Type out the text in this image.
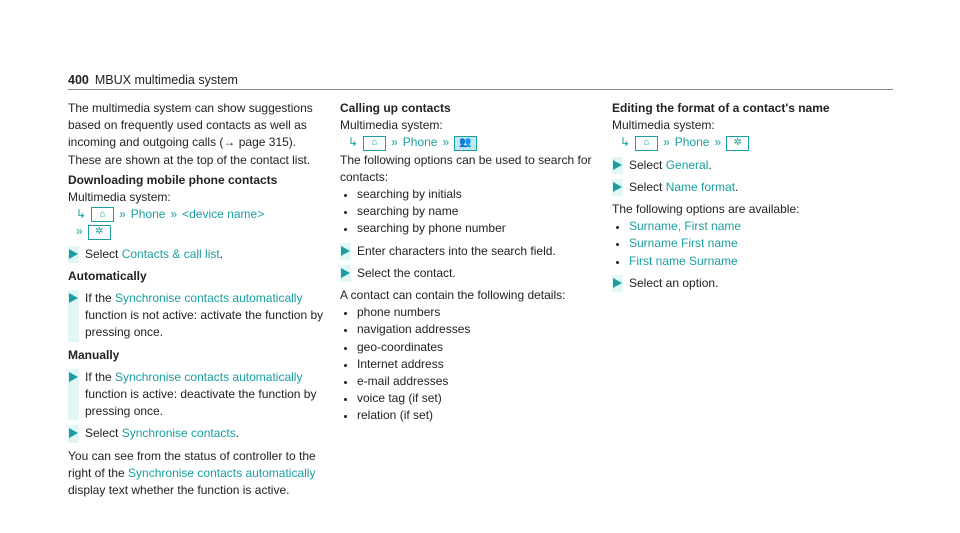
400 MBUX multimedia system

The multimedia system can show suggestions based on frequently used contacts as well as incoming and outgoing calls (→ page 315). These are shown at the top of the contact list.

Downloading mobile phone contacts

Multimedia system:

↳	⌂	» Phone » <device name>
»	✲
Select Contacts & call list.

Automatically

If the Synchronise contacts automatically function is not active: activate the function by pressing once.

Manually

If the Synchronise contacts automatically function is active: deactivate the function by pressing once.
Select Synchronise contacts.

You can see from the status of controller to the right of the Synchronise contacts automatically display text whether the function is active.

Calling up contacts

Multimedia system:

↳	⌂	» Phone »	👥

The following options can be used to search for contacts:

searching by initials
searching by name
searching by phone number
Enter characters into the search field.
Select the contact.

A contact can contain the following details:

phone numbers
navigation addresses
geo-coordinates
Internet address
e-mail addresses
voice tag (if set)
relation (if set)

Editing the format of a contact's name

Multimedia system:

↳	⌂	» Phone »	✲
Select General.
Select Name format.

The following options are available:

Surname, First name
Surname First name
First name Surname
Select an option.
